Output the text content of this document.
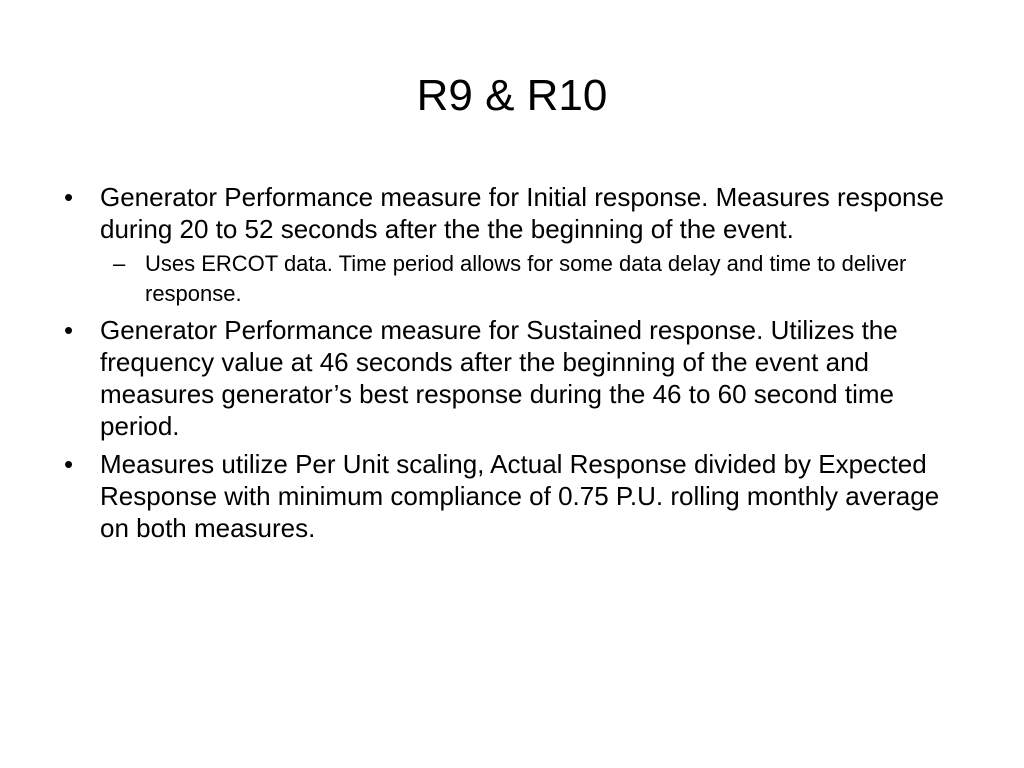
R9 & R10
•	Generator Performance measure for Initial response. Measures response during 20 to 52 seconds after the the beginning of the event.
– Uses ERCOT data. Time period allows for some data delay and time to deliver response.
•	Generator Performance measure for Sustained response. Utilizes the frequency value at 46 seconds after the beginning of the event and measures generator’s best response during the 46 to 60 second time period.
•	Measures utilize Per Unit scaling, Actual Response divided by Expected Response with minimum compliance of 0.75 P.U. rolling monthly average on both measures.
